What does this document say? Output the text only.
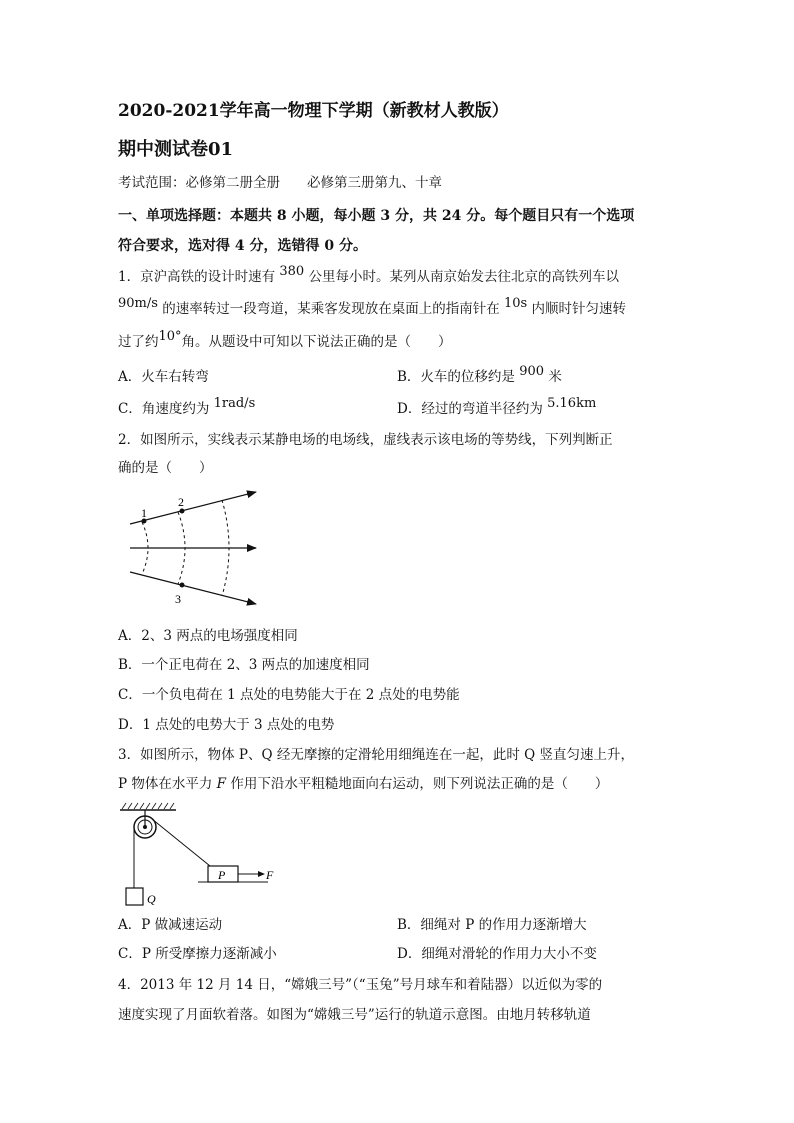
2020-2021学年高一物理下学期（新教材人教版）
期中测试卷01
考试范围：必修第二册全册　　必修第三册第九、十章
一、单项选择题：本题共 8 小题，每小题 3 分，共 24 分。每个题目只有一个选项
符合要求，选对得 4 分，选错得 0 分。
1．京沪高铁的设计时速有 380 公里每小时。某列从南京始发去往北京的高铁列车以
90m/s 的速率转过一段弯道，某乘客发现放在桌面上的指南针在 10s 内顺时针匀速转
过了约10°角。从题设中可知以下说法正确的是（　　）
A．火车右转弯	B．火车的位移约是 900 米
C．角速度约为 1rad/s	D．经过的弯道半径约为 5.16km
2．如图所示，实线表示某静电场的电场线，虚线表示该电场的等势线，下列判断正
确的是（　　）
1
2
3
A．2、3 两点的电场强度相同
B．一个正电荷在 2、3 两点的加速度相同
C．一个负电荷在 1 点处的电势能大于在 2 点处的电势能
D．1 点处的电势大于 3 点处的电势
3．如图所示，物体 P、Q 经无摩擦的定滑轮用细绳连在一起，此时 Q 竖直匀速上升，
P 物体在水平力 F 作用下沿水平粗糙地面向右运动，则下列说法正确的是（　　）
Q
P	F
A．P 做减速运动	B．细绳对 P 的作用力逐渐增大
C．P 所受摩擦力逐渐减小	D．细绳对滑轮的作用力大小不变
4．2013 年 12 月 14 日，“嫦娥三号”（“玉兔”号月球车和着陆器）以近似为零的
速度实现了月面软着落。如图为“嫦娥三号”运行的轨道示意图。由地月转移轨道
